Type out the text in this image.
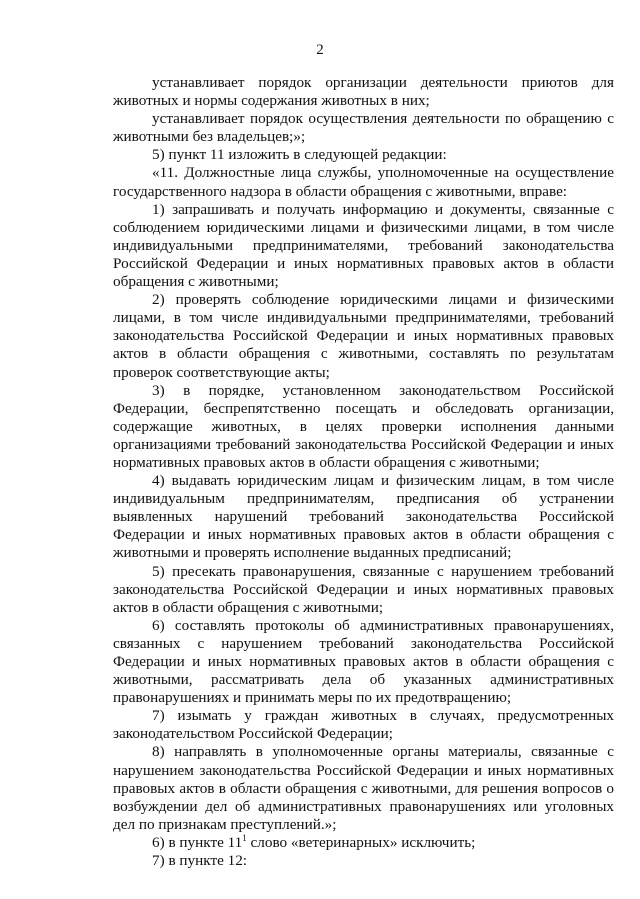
2

устанавливает порядок организации деятельности приютов для животных и нормы содержания животных в них;

устанавливает порядок осуществления деятельности по обращению с животными без владельцев;»;

5) пункт 11 изложить в следующей редакции:

«11. Должностные лица службы, уполномоченные на осуществление государственного надзора в области обращения с животными, вправе:

1) запрашивать и получать информацию и документы, связанные с соблюдением юридическими лицами и физическими лицами, в том числе индивидуальными предпринимателями, требований законодательства Российской Федерации и иных нормативных правовых актов в области обращения с животными;

2) проверять соблюдение юридическими лицами и физическими лицами, в том числе индивидуальными предпринимателями, требований законодательства Российской Федерации и иных нормативных правовых актов в области обращения с животными, составлять по результатам проверок соответствующие акты;

3) в порядке, установленном законодательством Российской Федерации, беспрепятственно посещать и обследовать организации, содержащие животных, в целях проверки исполнения данными организациями требований законодательства Российской Федерации и иных нормативных правовых актов в области обращения с животными;

4) выдавать юридическим лицам и физическим лицам, в том числе индивидуальным предпринимателям, предписания об устранении выявленных нарушений требований законодательства Российской Федерации и иных нормативных правовых актов в области обращения с животными и проверять исполнение выданных предписаний;

5) пресекать правонарушения, связанные с нарушением требований законодательства Российской Федерации и иных нормативных правовых актов в области обращения с животными;

6) составлять протоколы об административных правонарушениях, связанных с нарушением требований законодательства Российской Федерации и иных нормативных правовых актов в области обращения с животными, рассматривать дела об указанных административных правонарушениях и принимать меры по их предотвращению;

7) изымать у граждан животных в случаях, предусмотренных законодательством Российской Федерации;

8) направлять в уполномоченные органы материалы, связанные с нарушением законодательства Российской Федерации и иных нормативных правовых актов в области обращения с животными, для решения вопросов о возбуждении дел об административных правонарушениях или уголовных дел по признакам преступлений.»;

6) в пункте $11^1$ слово «ветеринарных» исключить;

7) в пункте 12:
